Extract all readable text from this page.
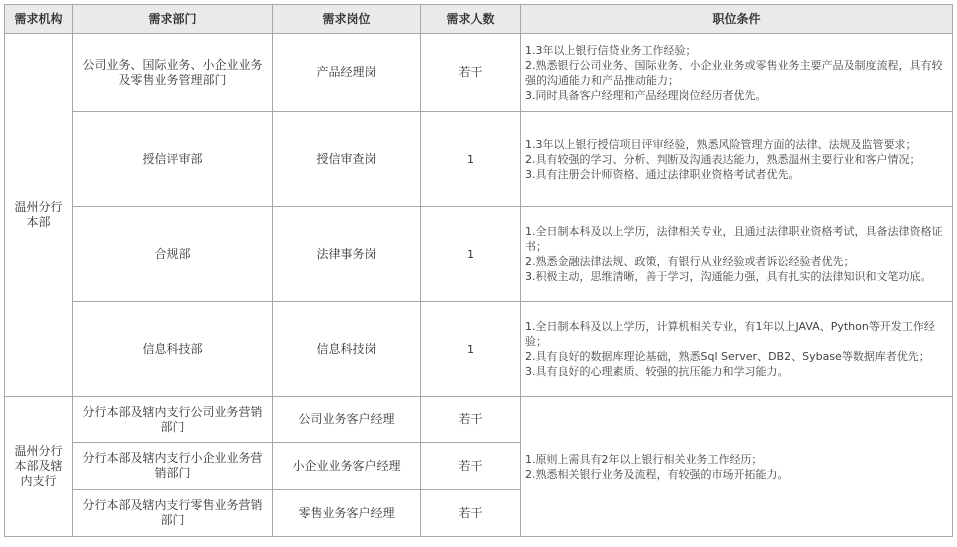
需求机构	需求部门	需求岗位	需求人数	职位条件
温州分行本部	公司业务、国际业务、小企业业务及零售业务管理部门	产品经理岗	若干	1.3年以上银行信贷业务工作经验；
2.熟悉银行公司业务、国际业务、小企业业务或零售业务主要产品及制度流程，具有较强的沟通能力和产品推动能力；
3.同时具备客户经理和产品经理岗位经历者优先。

	授信评审部	授信审查岗	1	1.3年以上银行授信项目评审经验，熟悉风险管理方面的法律、法规及监管要求；
2.具有较强的学习、分析、判断及沟通表达能力，熟悉温州主要行业和客户情况；
3.具有注册会计师资格、通过法律职业资格考试者优先。

	合规部	法律事务岗	1	1.全日制本科及以上学历，法律相关专业，且通过法律职业资格考试，具备法律资格证书；
2.熟悉金融法律法规、政策，有银行从业经验或者诉讼经验者优先；
3.积极主动，思维清晰，善于学习，沟通能力强，具有扎实的法律知识和文笔功底。

	信息科技部	信息科技岗	1	1.全日制本科及以上学历，计算机相关专业，有1年以上JAVA、Python等开发工作经验；
2.具有良好的数据库理论基础，熟悉Sql Server、DB2、Sybase等数据库者优先；
3.具有良好的心理素质、较强的抗压能力和学习能力。

温州分行本部及辖内支行	分行本部及辖内支行公司业务营销部门	公司业务客户经理	若干	1.原则上需具有2年以上银行相关业务工作经历；
2.熟悉相关银行业务及流程，有较强的市场开拓能力。

	分行本部及辖内支行小企业业务营销部门	小企业业务客户经理	若干	
	分行本部及辖内支行零售业务营销部门	零售业务客户经理	若干	
